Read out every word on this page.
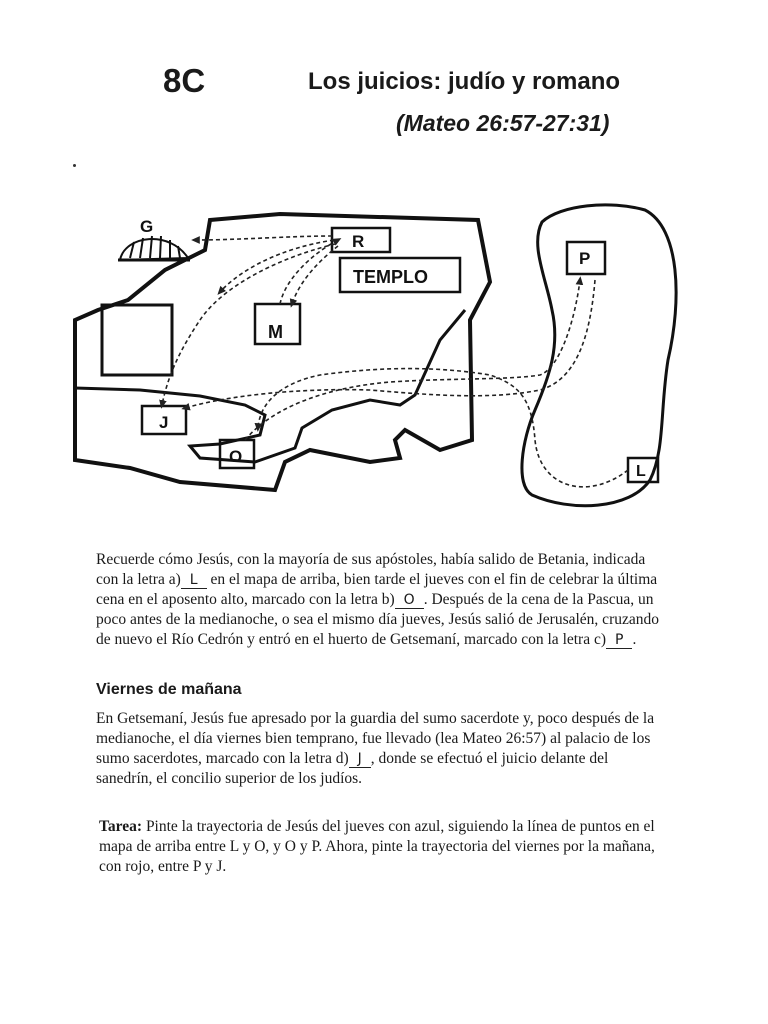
8C	Los juicios: judío y romano
(Mateo 26:57-27:31)
G
R
TEMPLO
M
J
O
P
L
Recuerde cómo Jesús, con la mayoría de sus apóstoles, había salido de Betania, indicada con la letra a) L en el mapa de arriba, bien tarde el jueves con el fin de celebrar la última cena en el aposento alto, marcado con la letra b) O . Después de la cena de la Pascua, un poco antes de la medianoche, o sea el mismo día jueves, Jesús salió de Jerusalén, cruzando de nuevo el Río Cedrón y entró en el huerto de Getsemaní, marcado con la letra c) P .
Viernes de mañana
En Getsemaní, Jesús fue apresado por la guardia del sumo sacerdote y, poco después de la medianoche, el día viernes bien temprano, fue llevado (lea Mateo 26:57) al palacio de los sumo sacerdotes, marcado con la letra d) J , donde se efectuó el juicio delante del sanedrín, el concilio superior de los judíos.
Tarea: Pinte la trayectoria de Jesús del jueves con azul, siguiendo la línea de puntos en el mapa de arriba entre L y O, y O y P. Ahora, pinte la trayectoria del viernes por la mañana, con rojo, entre P y J.
